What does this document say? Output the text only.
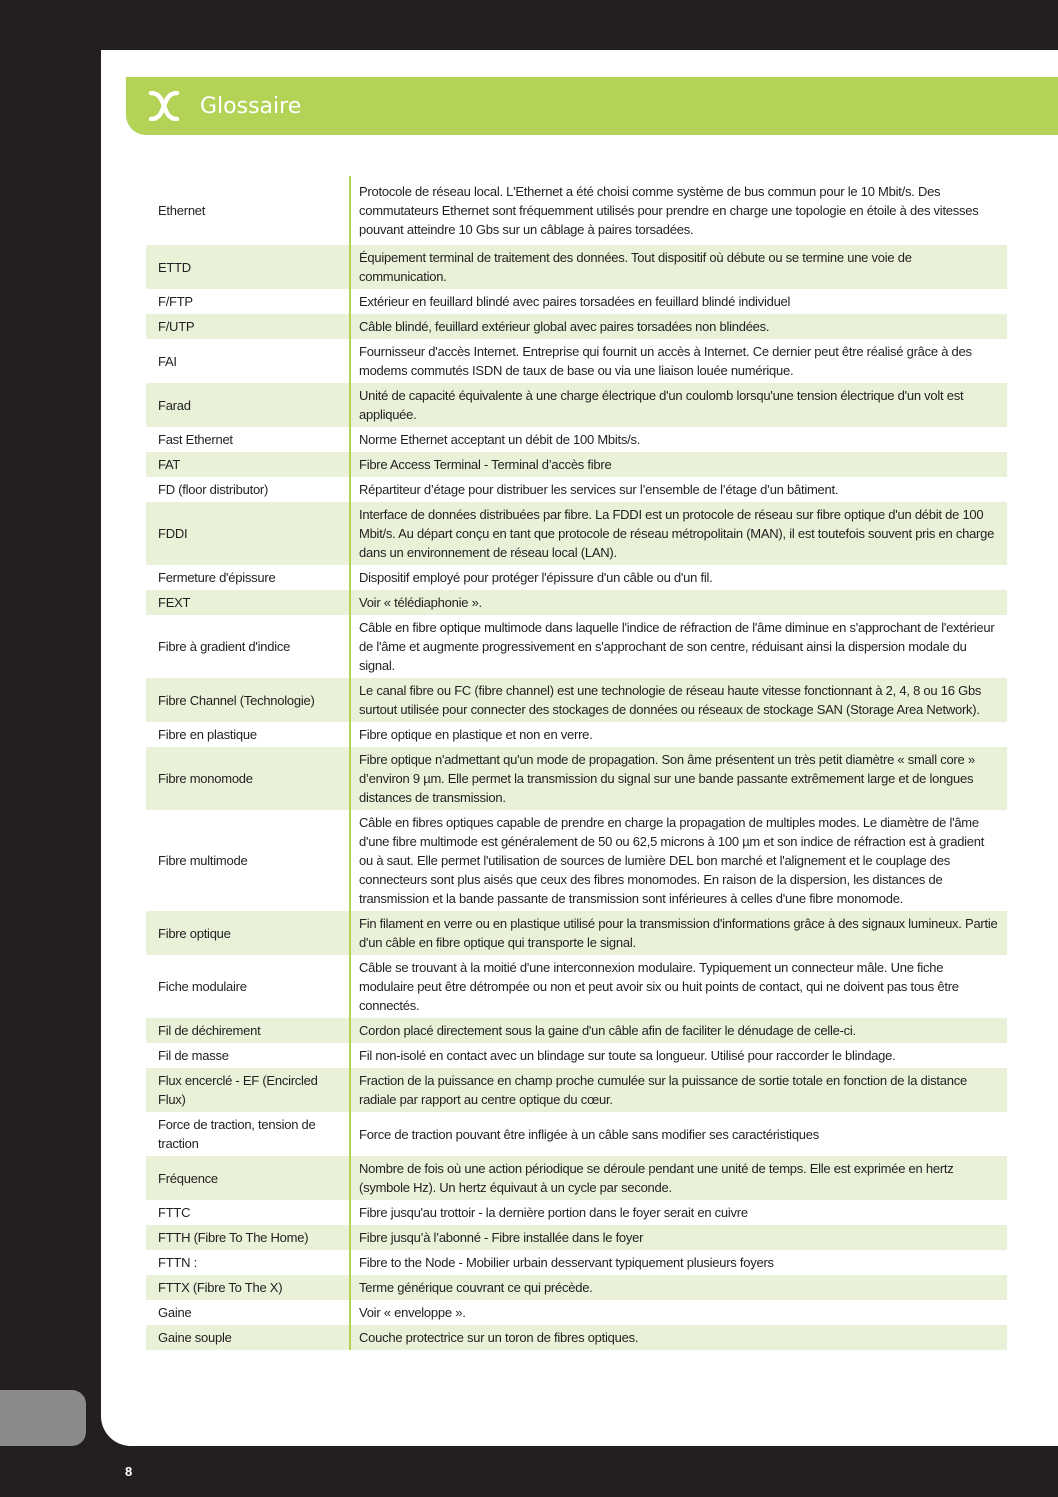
Glossaire
8
Ethernet	Protocole de réseau local. L'Ethernet a été choisi comme système de bus commun pour le 10 Mbit/s. Des commutateurs Ethernet sont fréquemment utilisés pour prendre en charge une topologie en étoile à des vitesses pouvant atteindre 10 Gbs sur un câblage à paires torsadées.
ETTD	Équipement terminal de traitement des données. Tout dispositif où débute ou se termine une voie de communication.
F/FTP	Extérieur en feuillard blindé avec paires torsadées en feuillard blindé individuel
F/UTP	Câble blindé, feuillard extérieur global avec paires torsadées non blindées.
FAI	Fournisseur d'accès Internet. Entreprise qui fournit un accès à Internet. Ce dernier peut être réalisé grâce à des modems commutés ISDN de taux de base ou via une liaison louée numérique.
Farad	Unité de capacité équivalente à une charge électrique d'un coulomb lorsqu'une tension électrique d'un volt est appliquée.
Fast Ethernet	Norme Ethernet acceptant un débit de 100 Mbits/s.
FAT	Fibre Access Terminal - Terminal d’accès fibre
FD (floor distributor)	Répartiteur d’étage pour distribuer les services sur l’ensemble de l’étage d’un bâtiment.
FDDI	Interface de données distribuées par fibre. La FDDI est un protocole de réseau sur fibre optique d'un débit de 100 Mbit/s. Au départ conçu en tant que protocole de réseau métropolitain (MAN), il est toutefois souvent pris en charge dans un environnement de réseau local (LAN).
Fermeture d'épissure	Dispositif employé pour protéger l'épissure d'un câble ou d'un fil.
FEXT	Voir « télédiaphonie ».
Fibre à gradient d'indice	Câble en fibre optique multimode dans laquelle l'indice de réfraction de l'âme diminue en s'approchant de l'extérieur de l'âme et augmente progressivement en s'approchant de son centre, réduisant ainsi la dispersion modale du signal.
Fibre Channel (Technologie)	Le canal fibre ou FC (fibre channel) est une technologie de réseau haute vitesse fonctionnant à 2, 4, 8 ou 16 Gbs surtout utilisée pour connecter des stockages de données ou réseaux de stockage SAN (Storage Area Network).
Fibre en plastique	Fibre optique en plastique et non en verre.
Fibre monomode	Fibre optique n'admettant qu'un mode de propagation. Son âme présentent un très petit diamètre « small core » d’environ 9 µm. Elle permet la transmission du signal sur une bande passante extrêmement large et de longues distances de transmission.
Fibre multimode	Câble en fibres optiques capable de prendre en charge la propagation de multiples modes. Le diamètre de l'âme d'une fibre multimode est généralement de 50 ou 62,5 microns à 100 µm et son indice de réfraction est à gradient ou à saut. Elle permet l'utilisation de sources de lumière DEL bon marché et l'alignement et le couplage des connecteurs sont plus aisés que ceux des fibres monomodes. En raison de la dispersion, les distances de transmission et la bande passante de transmission sont inférieures à celles d'une fibre monomode.
Fibre optique	Fin filament en verre ou en plastique utilisé pour la transmission d'informations grâce à des signaux lumineux. Partie d'un câble en fibre optique qui transporte le signal.
Fiche modulaire	Câble se trouvant à la moitié d'une interconnexion modulaire. Typiquement un connecteur mâle. Une fiche modulaire peut être détrompée ou non et peut avoir six ou huit points de contact, qui ne doivent pas tous être connectés.
Fil de déchirement	Cordon placé directement sous la gaine d'un câble afin de faciliter le dénudage de celle-ci.
Fil de masse	Fil non-isolé en contact avec un blindage sur toute sa longueur. Utilisé pour raccorder le blindage.
Flux encerclé - EF (Encircled Flux)	Fraction de la puissance en champ proche cumulée sur la puissance de sortie totale en fonction de la distance radiale par rapport au centre optique du cœur.
Force de traction, tension de traction	Force de traction pouvant être infligée à un câble sans modifier ses caractéristiques
Fréquence	Nombre de fois où une action périodique se déroule pendant une unité de temps. Elle est exprimée en hertz (symbole Hz). Un hertz équivaut à un cycle par seconde.
FTTC	Fibre jusqu'au trottoir - la dernière portion dans le foyer serait en cuivre
FTTH (Fibre To The Home)	Fibre jusqu’à l’abonné - Fibre installée dans le foyer
FTTN :	Fibre to the Node - Mobilier urbain desservant typiquement plusieurs foyers
FTTX (Fibre To The X)	Terme générique couvrant ce qui précède.
Gaine	Voir « enveloppe ».
Gaine souple	Couche protectrice sur un toron de fibres optiques.
